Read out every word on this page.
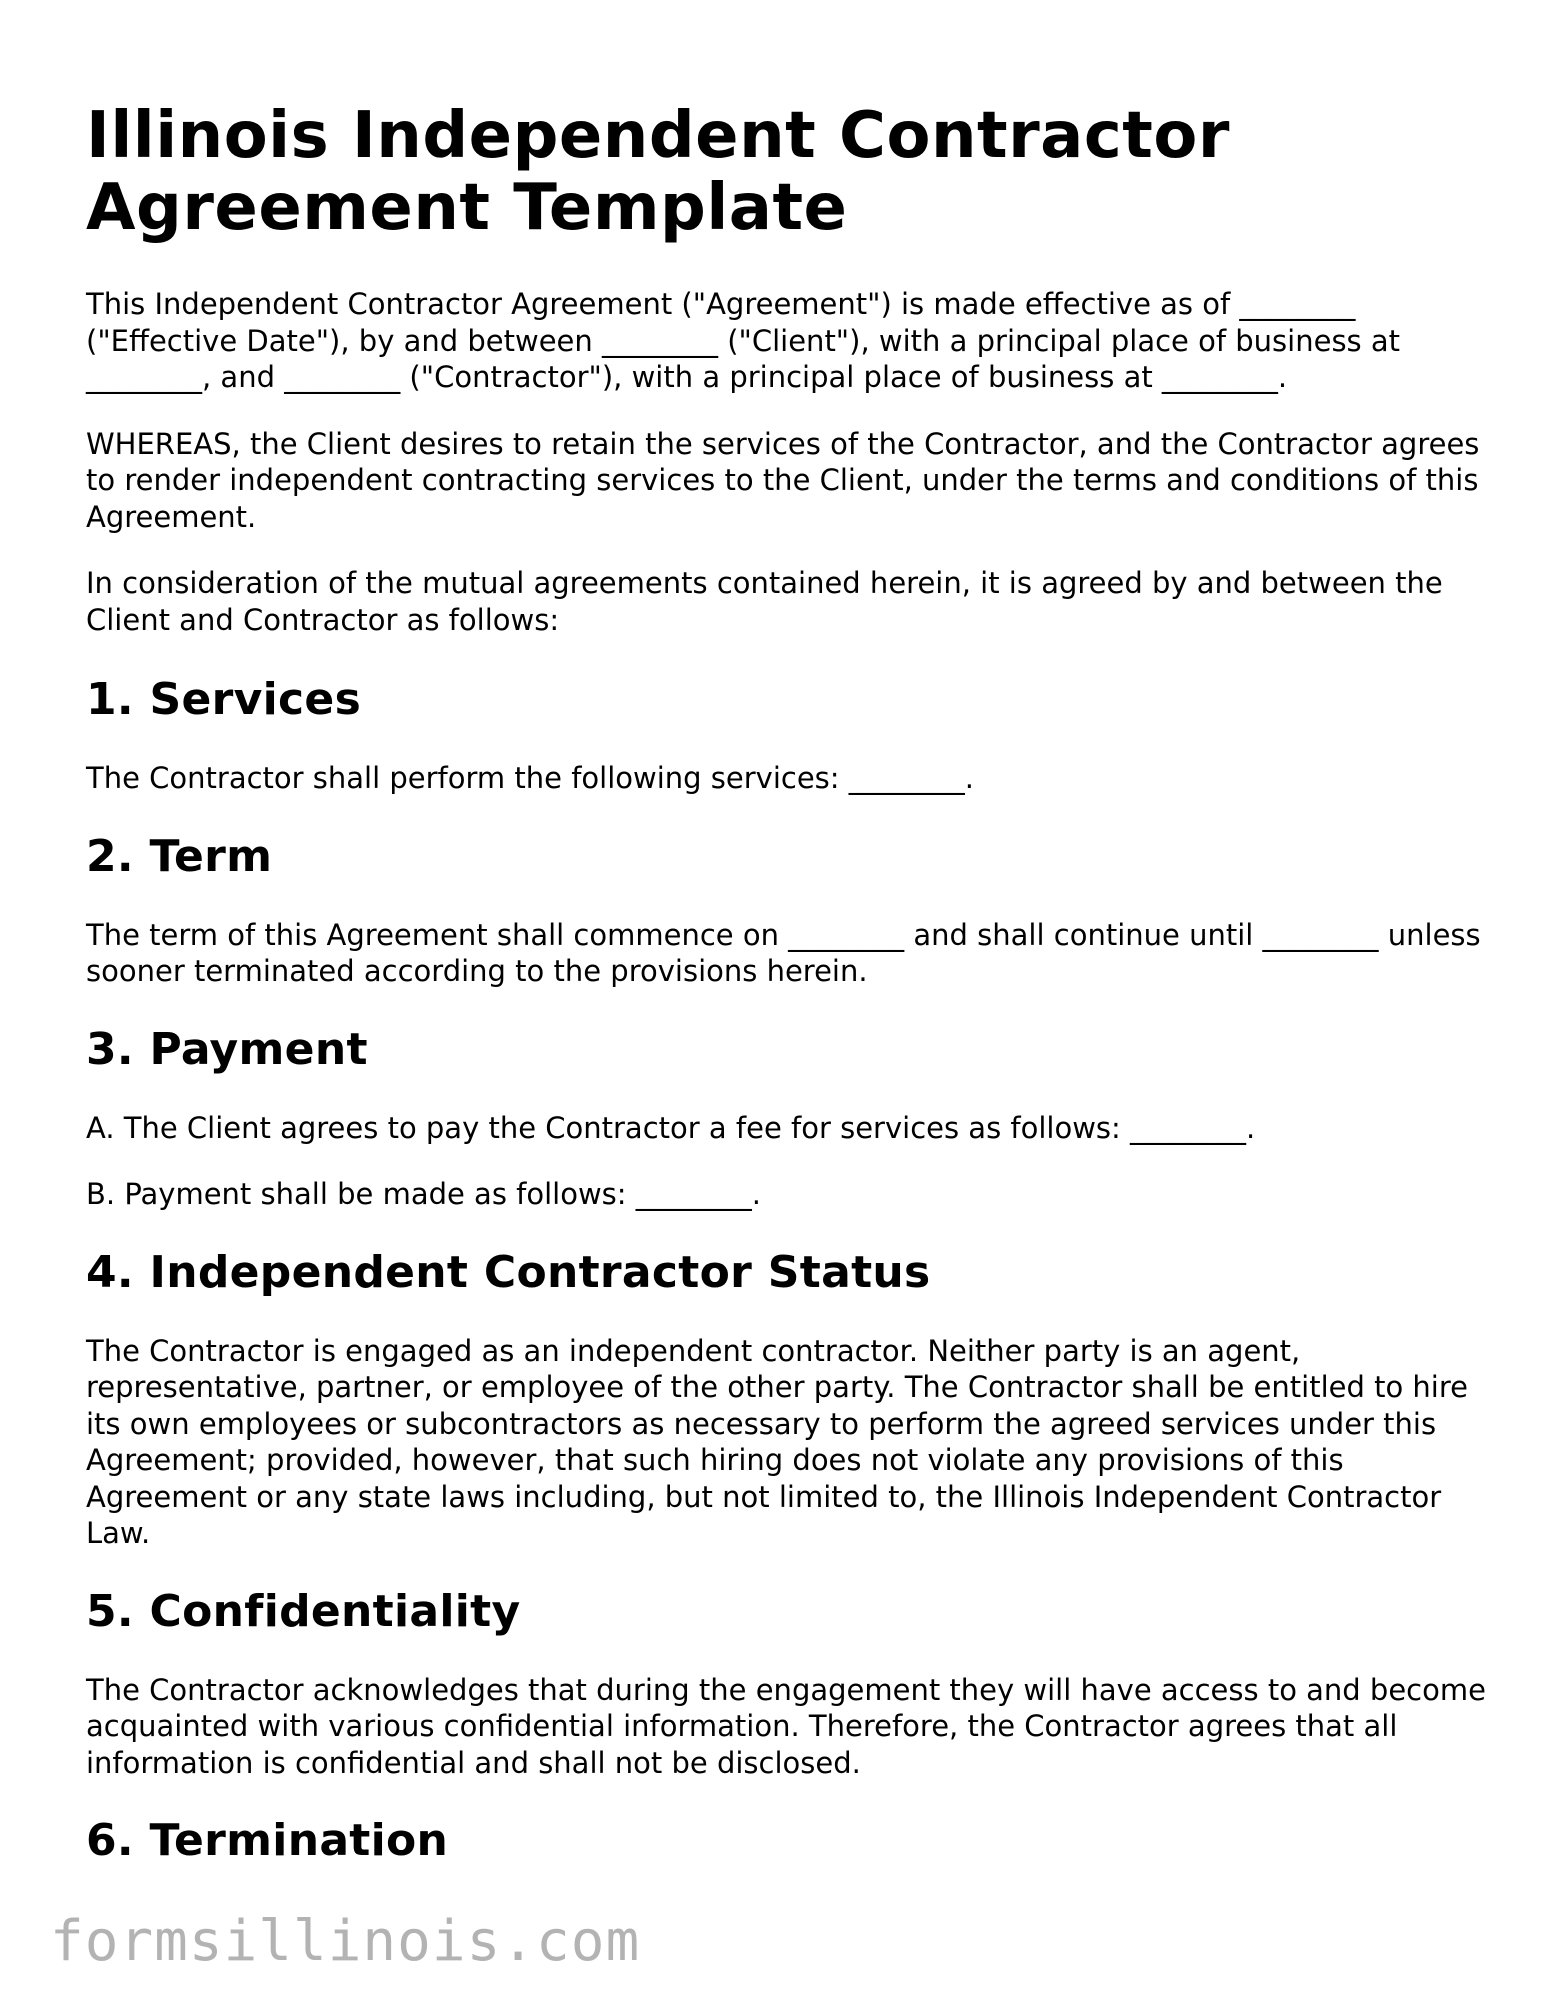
Illinois Independent Contractor Agreement Template

This Independent Contractor Agreement ("Agreement") is made effective as of ________ ("Effective Date"), by and between ________ ("Client"), with a principal place of business at ________, and ________ ("Contractor"), with a principal place of business at ________.

WHEREAS, the Client desires to retain the services of the Contractor, and the Contractor agrees to render independent contracting services to the Client, under the terms and conditions of this Agreement.

In consideration of the mutual agreements contained herein, it is agreed by and between the Client and Contractor as follows:

1. Services

The Contractor shall perform the following services: ________.

2. Term

The term of this Agreement shall commence on ________ and shall continue until ________ unless sooner terminated according to the provisions herein.

3. Payment

A. The Client agrees to pay the Contractor a fee for services as follows: ________.

B. Payment shall be made as follows: ________.

4. Independent Contractor Status

The Contractor is engaged as an independent contractor. Neither party is an agent, representative, partner, or employee of the other party. The Contractor shall be entitled to hire its own employees or subcontractors as necessary to perform the agreed services under this Agreement; provided, however, that such hiring does not violate any provisions of this Agreement or any state laws including, but not limited to, the Illinois Independent Contractor Law.

5. Confidentiality

The Contractor acknowledges that during the engagement they will have access to and become acquainted with various confidential information. Therefore, the Contractor agrees that all information is confidential and shall not be disclosed.

6. Termination
formsillinois.com
